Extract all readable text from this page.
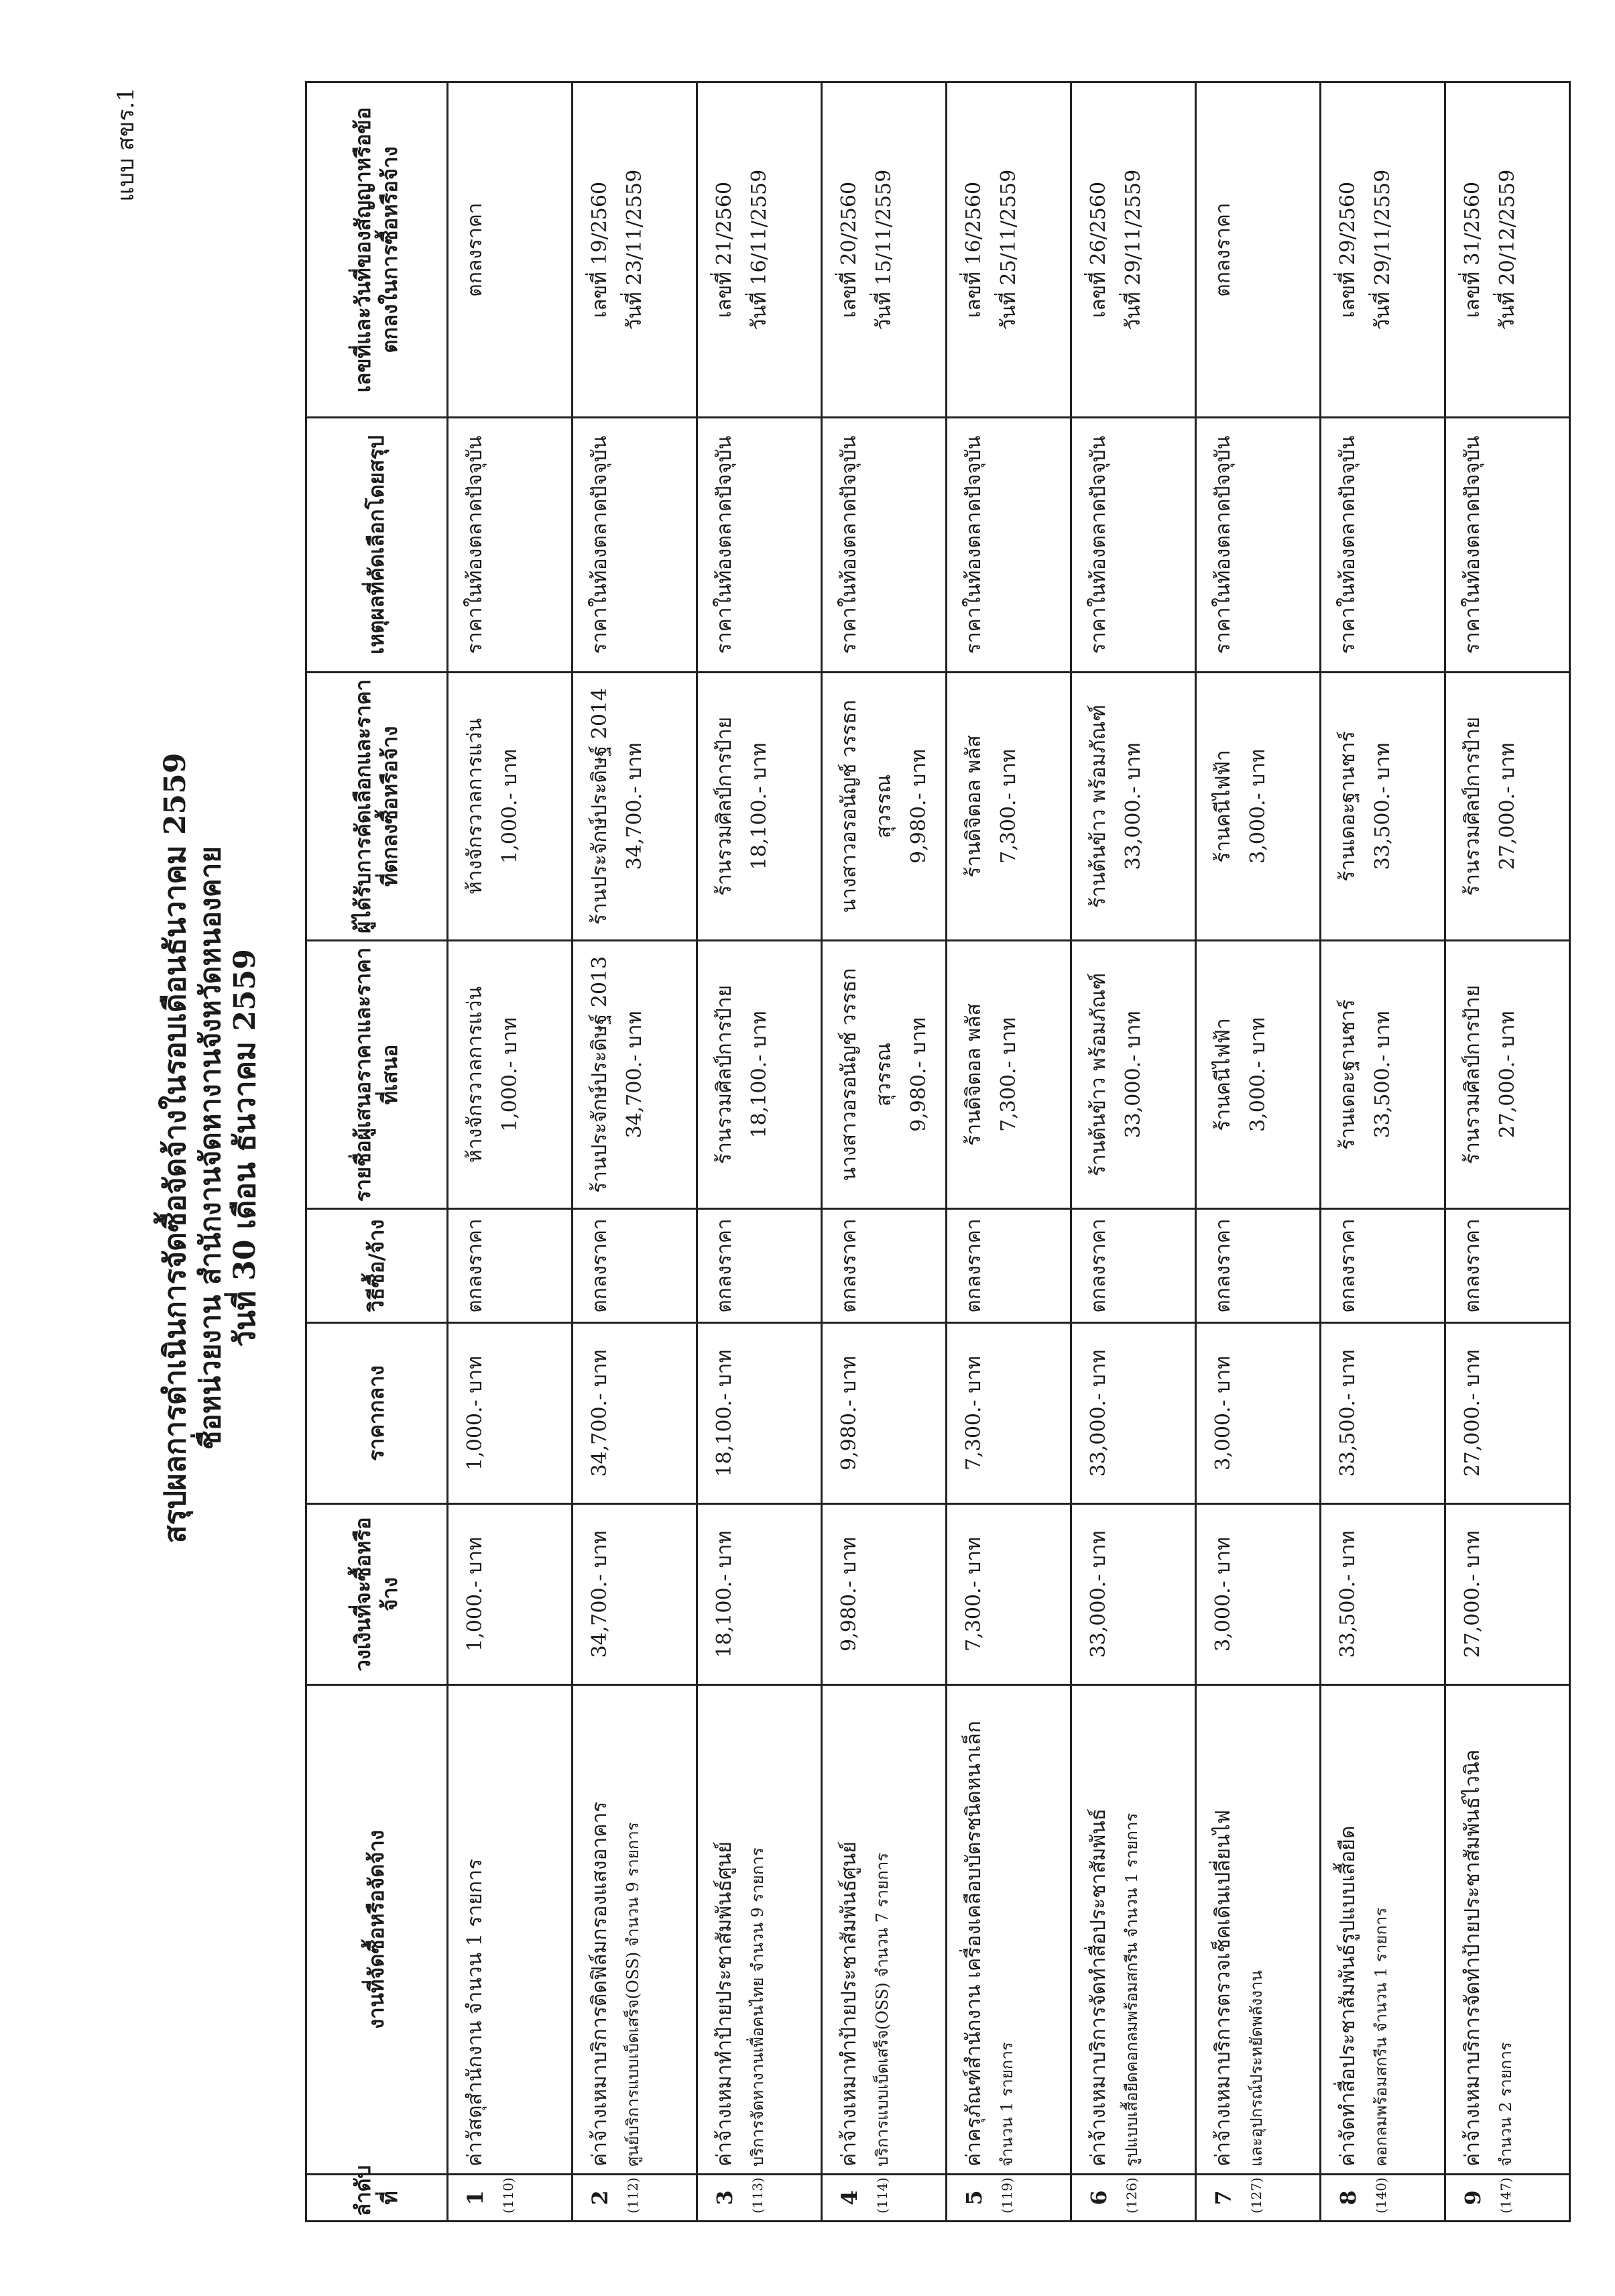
แบบ สขร.1
สรุปผลการดำเนินการจัดซื้อจัดจ้างในรอบเดือนธันวาคม 2559 ชื่อหน่วยงาน สำนักงานจัดหางานจังหวัดหนองคาย วันที่ 30 เดือน ธันวาคม 2559
ลำดับที่	งานที่จัดซื้อหรือจัดจ้าง	วงเงินที่จะซื้อหรือจ้าง	ราคากลาง	วิธีซื้อ/จ้าง	รายชื่อผู้เสนอราคาและราคาที่เสนอ	ผู้ได้รับการคัดเลือกและราคาที่ตกลงซื้อหรือจ้าง	เหตุผลที่คัดเลือกโดยสรุป	เลขที่และวันที่ของสัญญาหรือข้อตกลงในการซื้อหรือจ้าง

1 (110)	ค่าวัสดุสำนักงาน จำนวน 1 รายการ	1,000.- บาท	1,000.- บาท	ตกลงราคา	ห้างจักรวาลการแว่น 1,000.- บาท	ห้างจักรวาลการแว่น 1,000.- บาท	ราคาในท้องตลาดปัจจุบัน	ตกลงราคา

2 (112)	ค่าจ้างเหมาบริการติดฟิล์มกรองแสงอาคาร ศูนย์บริการแบบเบ็ดเสร็จ(OSS) จำนวน 9 รายการ	34,700.- บาท	34,700.- บาท	ตกลงราคา	ร้านประจักษ์ประดิษฐ์ 2013 34,700.- บาท	ร้านประจักษ์ประดิษฐ์ 2014 34,700.- บาท	ราคาในท้องตลาดปัจจุบัน	เลขที่ 19/2560 วันที่ 23/11/2559

3 (113)	ค่าจ้างเหมาทำป้ายประชาสัมพันธ์ศูนย์ บริการจัดหางานเพื่อคนไทย จำนวน 9 รายการ	18,100.- บาท	18,100.- บาท	ตกลงราคา	ร้านรวมศิลป์การป้าย 18,100.- บาท	ร้านรวมศิลป์การป้าย 18,100.- บาท	ราคาในท้องตลาดปัจจุบัน	เลขที่ 21/2560 วันที่ 16/11/2559

4 (114)	ค่าจ้างเหมาทำป้ายประชาสัมพันธ์ศูนย์ บริการแบบเบ็ดเสร็จ(OSS) จำนวน 7 รายการ	9,980.- บาท	9,980.- บาท	ตกลงราคา	นางสาวอรอนัญช์ วรรธกสุวรรณ 9,980.- บาท	นางสาวอรอนัญช์ วรรธกสุวรรณ 9,980.- บาท	ราคาในท้องตลาดปัจจุบัน	เลขที่ 20/2560 วันที่ 15/11/2559

5 (119)	ค่าครุภัณฑ์สำนักงาน เครื่องเคลือบบัตรชนิดหนาเล็ก จำนวน 1 รายการ	7,300.- บาท	7,300.- บาท	ตกลงราคา	ร้านดิจิตอล พลัส 7,300.- บาท	ร้านดิจิตอล พลัส 7,300.- บาท	ราคาในท้องตลาดปัจจุบัน	เลขที่ 16/2560 วันที่ 25/11/2559

6 (126)	ค่าจ้างเหมาบริการจัดทำสื่อประชาสัมพันธ์ รูปแบบเสื้อยืดคอกลมพร้อมสกรีน จำนวน 1 รายการ	33,000.- บาท	33,000.- บาท	ตกลงราคา	ร้านต้นข้าว พร้อมภัณฑ์ 33,000.- บาท	ร้านต้นข้าว พร้อมภัณฑ์ 33,000.- บาท	ราคาในท้องตลาดปัจจุบัน	เลขที่ 26/2560 วันที่ 29/11/2559

7 (127)	ค่าจ้างเหมาบริการตรวจเช็คเดินเปลี่ยนไฟ และอุปกรณ์ประหยัดพลังงาน	3,000.- บาท	3,000.- บาท	ตกลงราคา	ร้านคนีไฟฟ้า 3,000.- บาท	ร้านคนีไฟฟ้า 3,000.- บาท	ราคาในท้องตลาดปัจจุบัน	ตกลงราคา

8 (140)	ค่าจัดทำสื่อประชาสัมพันธ์รูปแบบเสื้อยืด คอกลมพร้อมสกรีน จำนวน 1 รายการ	33,500.- บาท	33,500.- บาท	ตกลงราคา	ร้านเดอะฐานชาร์ 33,500.- บาท	ร้านเดอะฐานชาร์ 33,500.- บาท	ราคาในท้องตลาดปัจจุบัน	เลขที่ 29/2560 วันที่ 29/11/2559

9 (147)	ค่าจ้างเหมาบริการจัดทำป้ายประชาสัมพันธ์ไวนิล จำนวน 2 รายการ	27,000.- บาท	27,000.- บาท	ตกลงราคา	ร้านรวมศิลป์การป้าย 27,000.- บาท	ร้านรวมศิลป์การป้าย 27,000.- บาท	ราคาในท้องตลาดปัจจุบัน	เลขที่ 31/2560 วันที่ 20/12/2559
